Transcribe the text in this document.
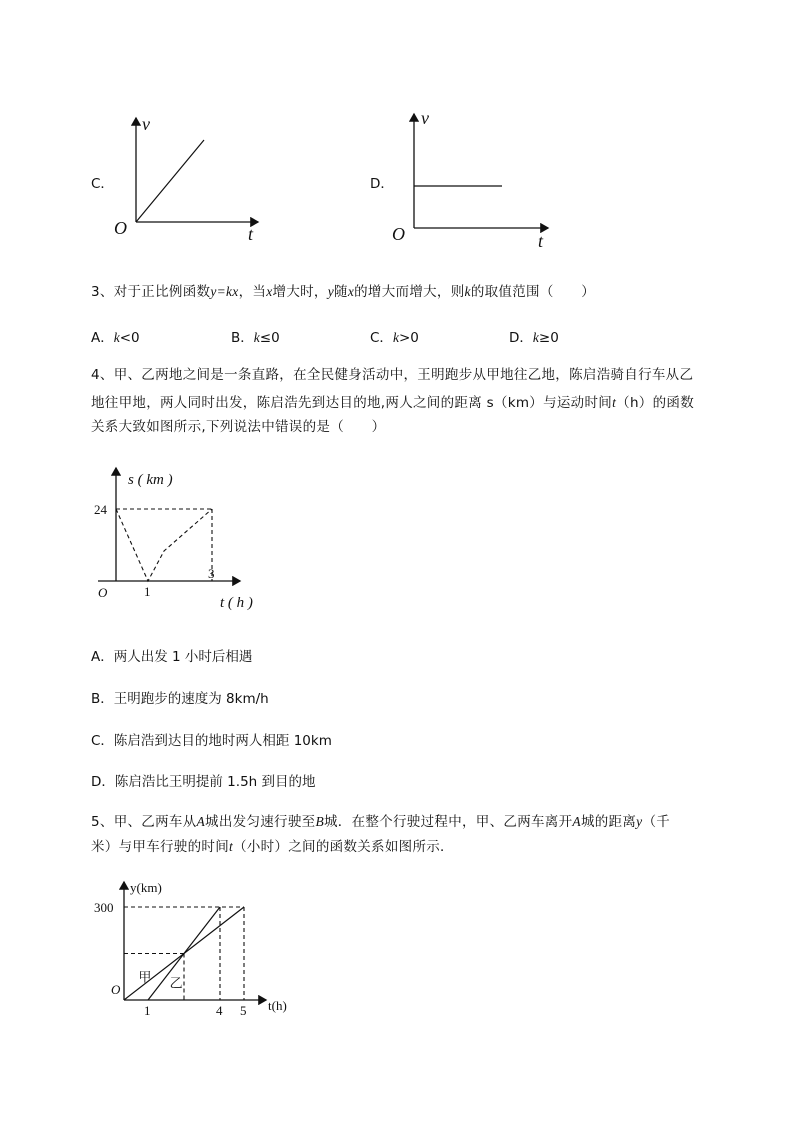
C．
v
t
O
D．
v
t
O
3、对于正比例函数y=kx，当x增大时，y随x的增大而增大，则k的取值范围（　　）
A．k<0	B．k≤0	C．k>0	D．k≥0
4、甲、乙两地之间是一条直路，在全民健身活动中，王明跑步从甲地往乙地，陈启浩骑自行车从乙
地往甲地，两人同时出发，陈启浩先到达目的地,两人之间的距离 s（km）与运动时间t（h）的函数
关系大致如图所示,下列说法中错误的是（　　）
24
1
3
s ( km )
t ( h )
O
A．两人出发 1 小时后相遇
B．王明跑步的速度为 8km/h
C．陈启浩到达目的地时两人相距 10km
D．陈启浩比王明提前 1.5h 到目的地
5、甲、乙两车从A城出发匀速行驶至B城．在整个行驶过程中，甲、乙两车离开A城的距离y（千
米）与甲车行驶的时间t（小时）之间的函数关系如图所示．
300
1	4 5
甲 乙
y(km)
t(h)
O
